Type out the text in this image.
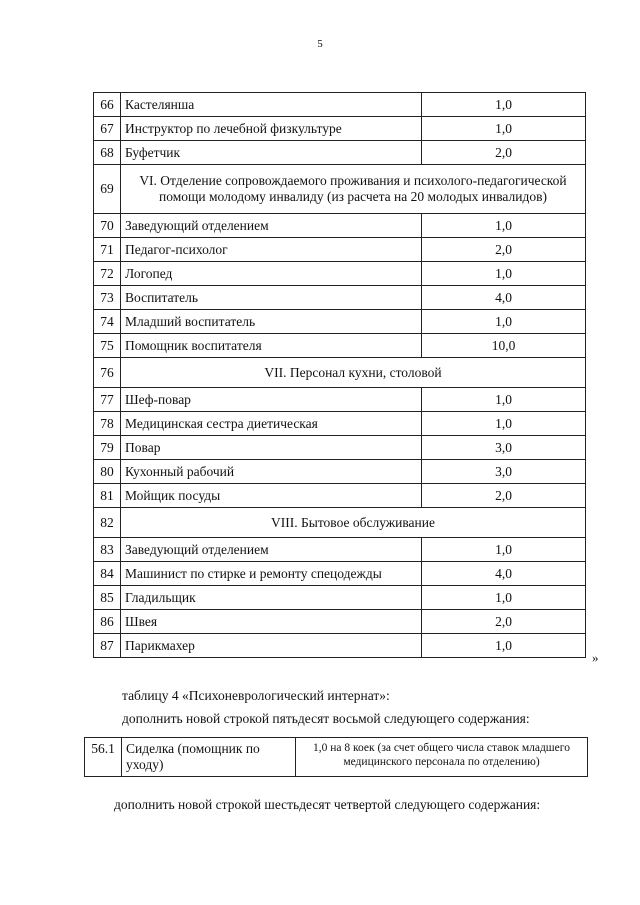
5
66	Кастелянша	1,0
67	Инструктор по лечебной физкультуре	1,0
68	Буфетчик	2,0
69	VI. Отделение сопровождаемого проживания и психолого-педагогической помощи молодому инвалиду (из расчета на 20 молодых инвалидов)	
70	Заведующий отделением	1,0
71	Педагог-психолог	2,0
72	Логопед	1,0
73	Воспитатель	4,0
74	Младший воспитатель	1,0
75	Помощник воспитателя	10,0
76	VII. Персонал кухни, столовой	
77	Шеф-повар	1,0
78	Медицинская сестра диетическая	1,0
79	Повар	3,0
80	Кухонный рабочий	3,0
81	Мойщик посуды	2,0
82	VIII. Бытовое обслуживание	
83	Заведующий отделением	1,0
84	Машинист по стирке и ремонту спецодежды	4,0
85	Гладильщик	1,0
86	Швея	2,0
87	Парикмахер	1,0
»
таблицу 4 «Психоневрологический интернат»:
дополнить новой строкой пятьдесят восьмой следующего содержания:
56.1	Сиделка (помощник по уходу)	1,0 на 8 коек (за счет общего числа ставок младшего медицинского персонала по отделению)
дополнить новой строкой шестьдесят четвертой следующего содержания:
